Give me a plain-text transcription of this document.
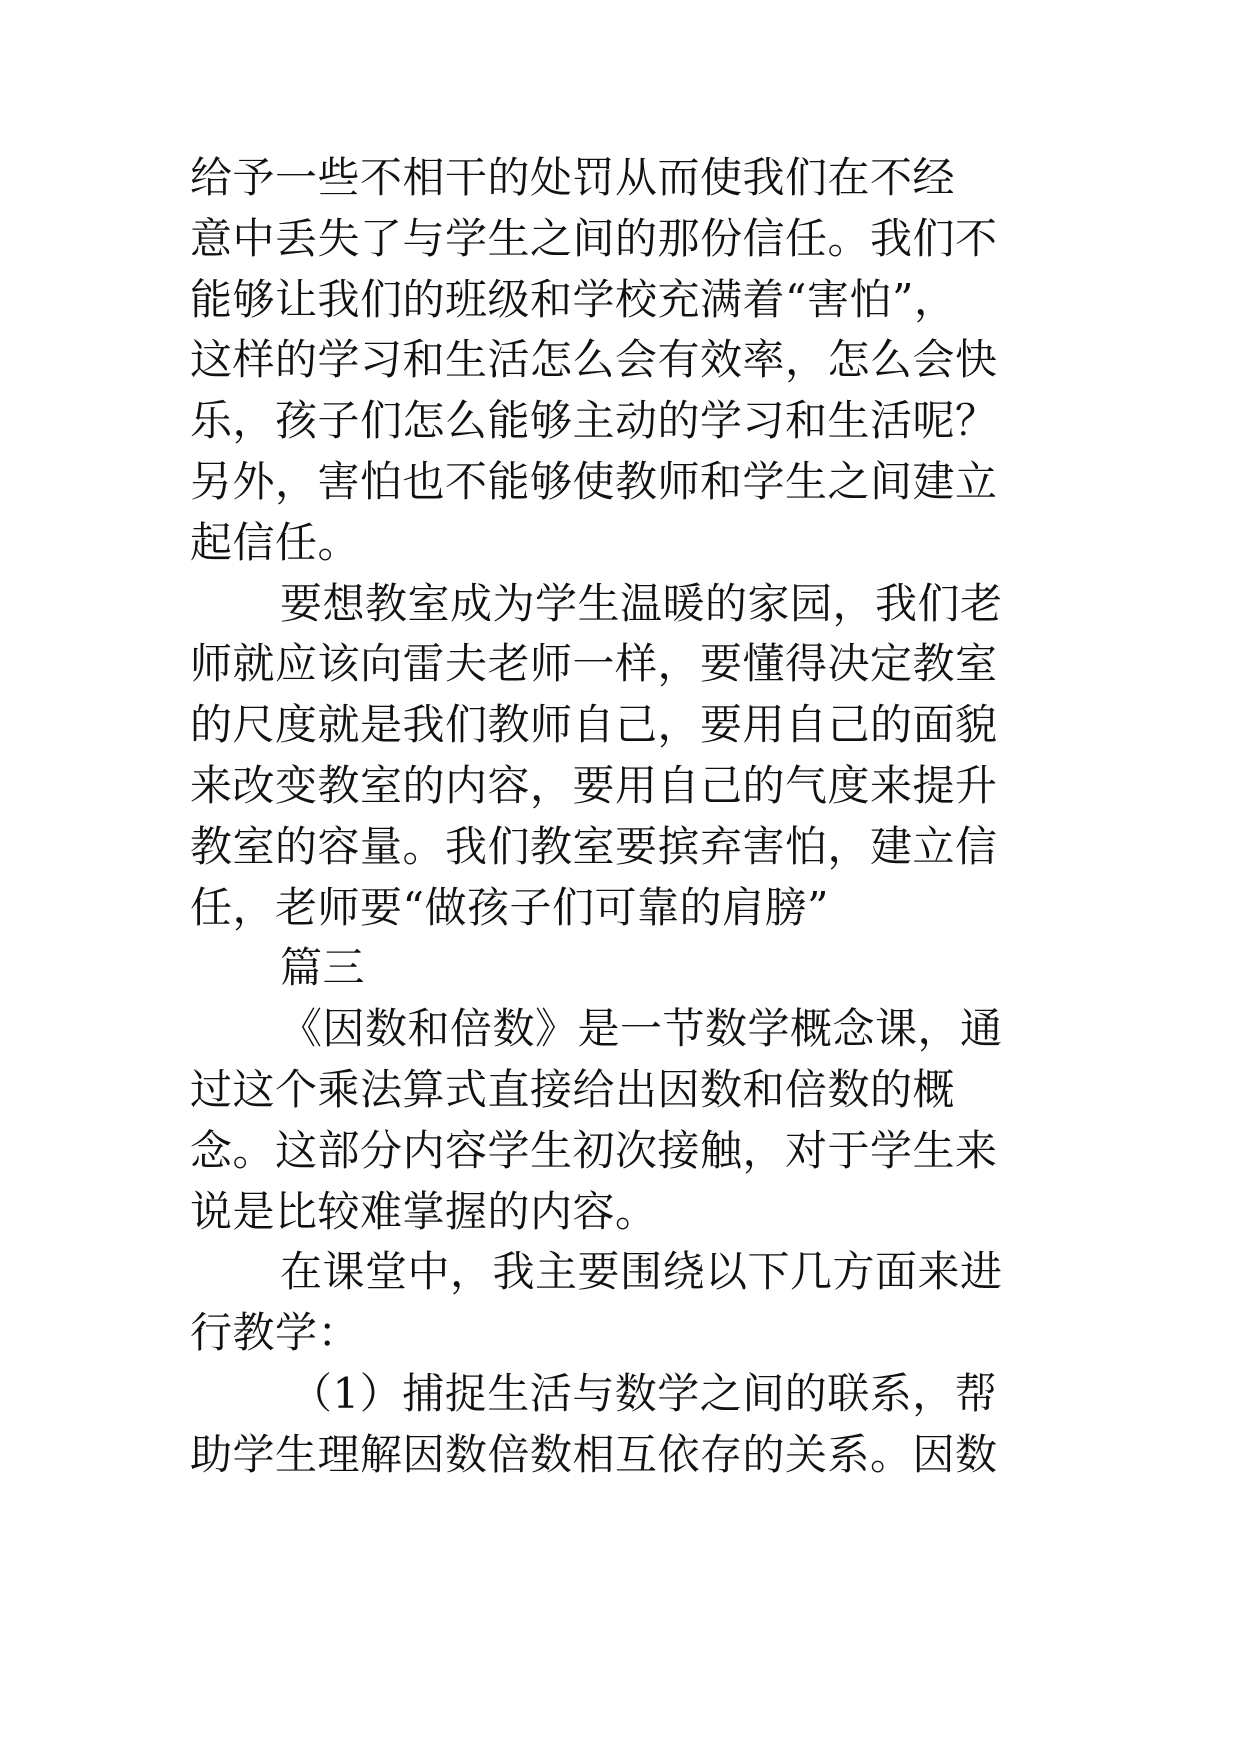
给予一些不相干的处罚从而使我们在不经
意中丢失了与学生之间的那份信任。我们不
能够让我们的班级和学校充满着“害怕”，
这样的学习和生活怎么会有效率，怎么会快
乐，孩子们怎么能够主动的学习和生活呢？
另外，害怕也不能够使教师和学生之间建立
起信任。
要想教室成为学生温暖的家园，我们老
师就应该向雷夫老师一样，要懂得决定教室
的尺度就是我们教师自己，要用自己的面貌
来改变教室的内容，要用自己的气度来提升
教室的容量。我们教室要摈弃害怕，建立信
任，老师要“做孩子们可靠的肩膀”
篇三
《因数和倍数》是一节数学概念课，通
过这个乘法算式直接给出因数和倍数的概
念。这部分内容学生初次接触，对于学生来
说是比较难掌握的内容。
在课堂中，我主要围绕以下几方面来进
行教学：
（1）捕捉生活与数学之间的联系，帮
助学生理解因数倍数相互依存的关系。因数
